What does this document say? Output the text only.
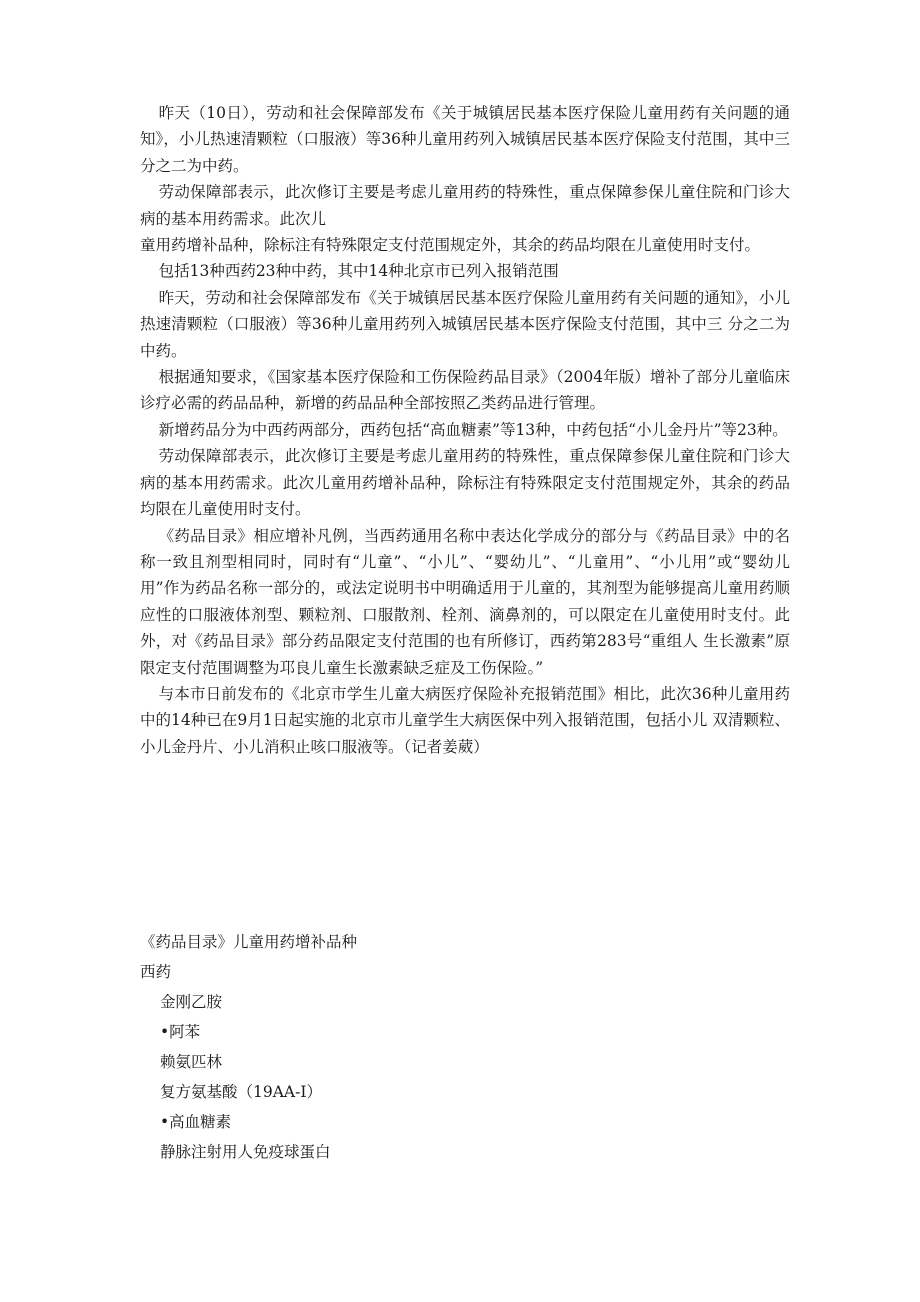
昨天（10日），劳动和社会保障部发布《关于城镇居民基本医疗保险儿童用药有关问题的通知》，小儿热速清颗粒（口服液）等36种儿童用药列入城镇居民基本医疗保险支付范围，其中三分之二为中药。

劳动保障部表示，此次修订主要是考虑儿童用药的特殊性，重点保障参保儿童住院和门诊大病的基本用药需求。此次儿

童用药增补品种，除标注有特殊限定支付范围规定外，其余的药品均限在儿童使用时支付。

包括13种西药23种中药，其中14种北京市已列入报销范围

昨天，劳动和社会保障部发布《关于城镇居民基本医疗保险儿童用药有关问题的通知》，小儿热速清颗粒（口服液）等36种儿童用药列入城镇居民基本医疗保险支付范围，其中三 分之二为中药。

根据通知要求，《国家基本医疗保险和工伤保险药品目录》（2004年版）增补了部分儿童临床诊疗必需的药品品种，新增的药品品种全部按照乙类药品进行管理。

新增药品分为中西药两部分，西药包括“高血糖素”等13种，中药包括“小儿金丹片”等23种。

劳动保障部表示，此次修订主要是考虑儿童用药的特殊性，重点保障参保儿童住院和门诊大病的基本用药需求。此次儿童用药增补品种，除标注有特殊限定支付范围规定外，其余的药品均限在儿童使用时支付。

《药品目录》相应增补凡例，当西药通用名称中表达化学成分的部分与《药品目录》中的名称一致且剂型相同时，同时有“儿童”、“小儿”、“婴幼儿”、“儿童用”、“小儿用”或“婴幼儿用”作为药品名称一部分的，或法定说明书中明确适用于儿童的，其剂型为能够提高儿童用药顺应性的口服液体剂型、颗粒剂、口服散剂、栓剂、滴鼻剂的，可以限定在儿童使用时支付。此外，对《药品目录》部分药品限定支付范围的也有所修订，西药第283号“重组人 生长激素”原限定支付范围调整为邛良儿童生长激素缺乏症及工伤保险。”

与本市日前发布的《北京市学生儿童大病医疗保险补充报销范围》相比，此次36种儿童用药中的14种已在9月1日起实施的北京市儿童学生大病医保中列入报销范围，包括小儿 双清颗粒、小儿金丹片、小儿消积止咳口服液等。（记者姜葳）

《药品目录》儿童用药增补品种

西药

金刚乙胺
•阿苯
赖氨匹林
复方氨基酸（19AA-I）
•高血糖素
静脉注射用人免疫球蛋白
